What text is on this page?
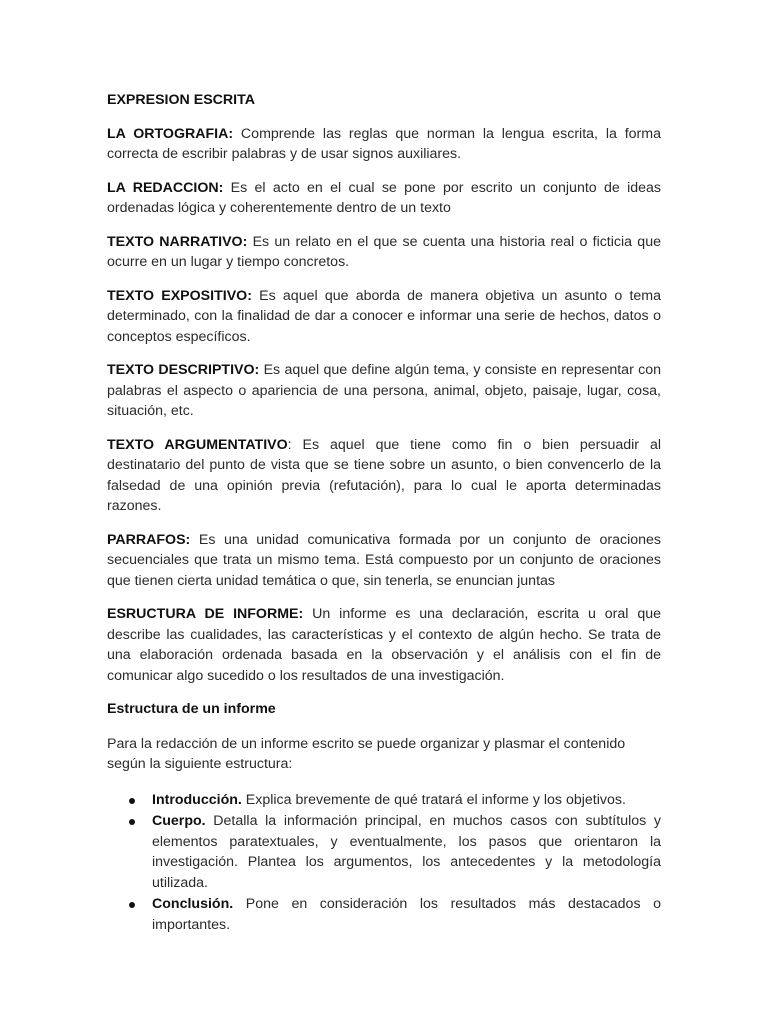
EXPRESION ESCRITA

LA ORTOGRAFIA: Comprende las reglas que norman la lengua escrita, la forma correcta de escribir palabras y de usar signos auxiliares.

LA REDACCION: Es el acto en el cual se pone por escrito un conjunto de ideas ordenadas lógica y coherentemente dentro de un texto

TEXTO NARRATIVO: Es un relato en el que se cuenta una historia real o ficticia que ocurre en un lugar y tiempo concretos.

TEXTO EXPOSITIVO: Es aquel que aborda de manera objetiva un asunto o tema determinado, con la finalidad de dar a conocer e informar una serie de hechos, datos o conceptos específicos.

TEXTO DESCRIPTIVO: Es aquel que define algún tema, y consiste en representar con palabras el aspecto o apariencia de una persona, animal, objeto, paisaje, lugar, cosa, situación, etc.

TEXTO ARGUMENTATIVO: Es aquel que tiene como fin o bien persuadir al destinatario del punto de vista que se tiene sobre un asunto, o bien convencerlo de la falsedad de una opinión previa (refutación), para lo cual le aporta determinadas razones.

PARRAFOS: Es una unidad comunicativa formada por un conjunto de oraciones secuenciales que trata un mismo tema. Está compuesto por un conjunto de oraciones que tienen cierta unidad temática o que, sin tenerla, se enuncian juntas

ESRUCTURA DE INFORME: Un informe es una declaración, escrita u oral que describe las cualidades, las características y el contexto de algún hecho. Se trata de una elaboración ordenada basada en la observación y el análisis con el fin de comunicar algo sucedido o los resultados de una investigación.

Estructura de un informe

Para la redacción de un informe escrito se puede organizar y plasmar el contenido según la siguiente estructura:

Introducción. Explica brevemente de qué tratará el informe y los objetivos.
Cuerpo. Detalla la información principal, en muchos casos con subtítulos y elementos paratextuales, y eventualmente, los pasos que orientaron la investigación. Plantea los argumentos, los antecedentes y la metodología utilizada.
Conclusión. Pone en consideración los resultados más destacados o importantes.
